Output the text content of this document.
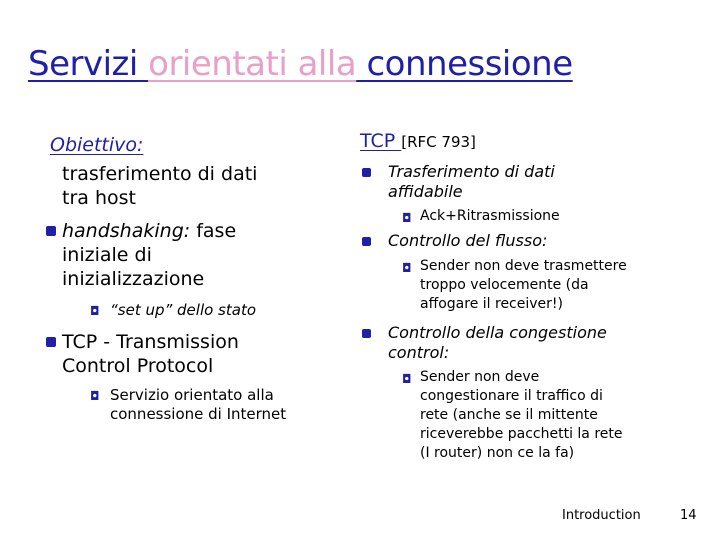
Servizi orientati alla connessione
Obiettivo:
trasferimento di dati
tra host
handshaking: fase
iniziale di
inizializzazione
◘ “set up” dello stato
TCP - Transmission
Control Protocol
◘ Servizio orientato alla
connessione di Internet
TCP [RFC 793]
Trasferimento di dati
affidabile
◘ Ack+Ritrasmissione
Controllo del flusso:
◘ Sender non deve trasmettere
troppo velocemente (da
affogare il receiver!)
Controllo della congestione
control:
◘ Sender non deve
congestionare il traffico di
rete (anche se il mittente
riceverebbe pacchetti la rete
(I router) non ce la fa)
Introduction	14
